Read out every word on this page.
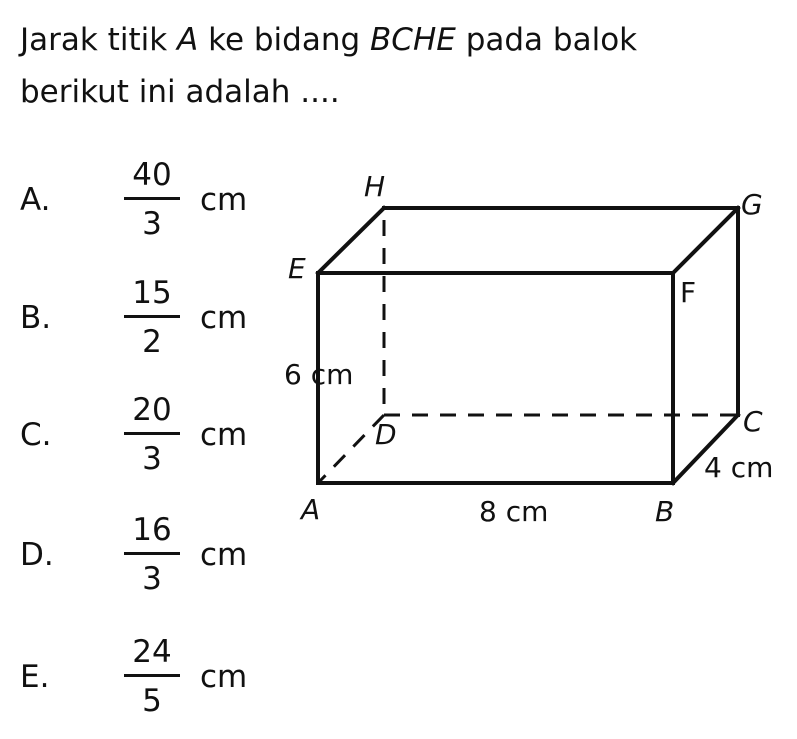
Jarak titik A ke bidang BCHE pada balok
berikut ini adalah ....
A.
40
3
cm
B.
15
2
cm
C.
20
3
cm
D.
16
3
cm
E.
24
5
cm
H
G
E
F
D	C
A	B
6 cm
8 cm
4 cm
